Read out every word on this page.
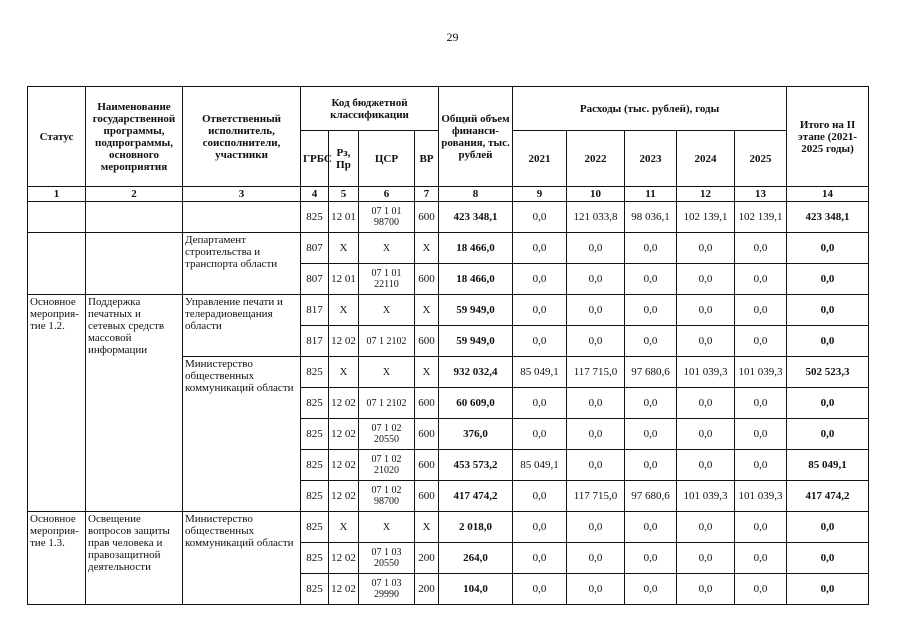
29
Статус	Наименование государственной программы, подпрограммы, основного мероприятия	Ответственный исполнитель, соисполнители, участники	Код бюджетной классификации				Общий объем финанси-рования, тыс. рублей	Расходы (тыс. рублей), годы					Итого на II этапе (2021-2025 годы)
			ГРБС	Рз, Пр	ЦСР	ВР		2021	2022	2023	2024	2025	
1	2	3	4	5	6	7	8	9	10	11	12	13	14
			825	12 01	07 1 01 98700	600	423 348,1	0,0	121 033,8	98 036,1	102 139,1	102 139,1	423 348,1
		Департамент строительства и транспорта области	807	Х	Х	Х	18 466,0	0,0	0,0	0,0	0,0	0,0	0,0
			807	12 01	07 1 01 22110	600	18 466,0	0,0	0,0	0,0	0,0	0,0	0,0
Основное мероприя-тие 1.2.	Поддержка печатных и сетевых средств массовой информации	Управление печати и телерадиовещания области	817	Х	Х	Х	59 949,0	0,0	0,0	0,0	0,0	0,0	0,0
			817	12 02	07 1 2102	600	59 949,0	0,0	0,0	0,0	0,0	0,0	0,0
		Министерство общественных коммуникаций области	825	Х	Х	Х	932 032,4	85 049,1	117 715,0	97 680,6	101 039,3	101 039,3	502 523,3
			825	12 02	07 1 2102	600	60 609,0	0,0	0,0	0,0	0,0	0,0	0,0
			825	12 02	07 1 02 20550	600	376,0	0,0	0,0	0,0	0,0	0,0	0,0
			825	12 02	07 1 02 21020	600	453 573,2	85 049,1	0,0	0,0	0,0	0,0	85 049,1
			825	12 02	07 1 02 98700	600	417 474,2	0,0	117 715,0	97 680,6	101 039,3	101 039,3	417 474,2
Основное мероприя-тие 1.3.	Освещение вопросов защиты прав человека и правозащитной деятельности	Министерство общественных коммуникаций области	825	Х	Х	Х	2 018,0	0,0	0,0	0,0	0,0	0,0	0,0
			825	12 02	07 1 03 20550	200	264,0	0,0	0,0	0,0	0,0	0,0	0,0
			825	12 02	07 1 03 29990	200	104,0	0,0	0,0	0,0	0,0	0,0	0,0
